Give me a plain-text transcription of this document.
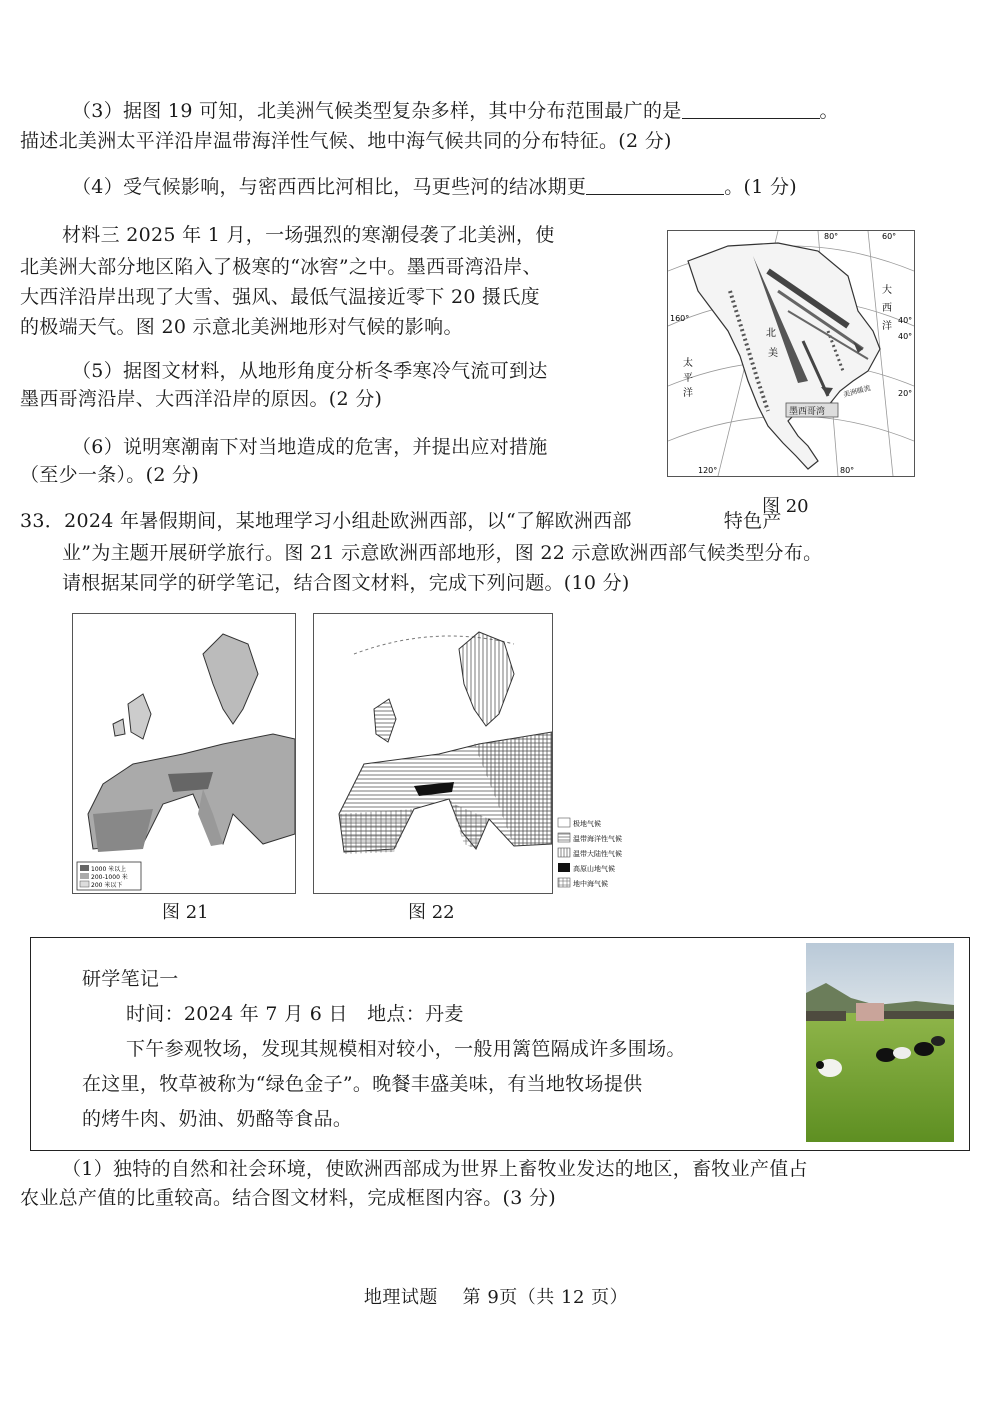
（3）据图 19 可知，北美洲气候类型复杂多样，其中分布范围最广的是	。
描述北美洲太平洋沿岸温带海洋性气候、地中海气候共同的分布特征。(2 分)
（4）受气候影响，与密西西比河相比，马更些河的结冰期更	。(1 分)
材料三 2025 年 1 月，一场强烈的寒潮侵袭了北美洲，使
北美洲大部分地区陷入了极寒的“冰窖”之中。墨西哥湾沿岸、
大西洋沿岸出现了大雪、强风、最低气温接近零下 20 摄氏度
的极端天气。图 20 示意北美洲地形对气候的影响。
（5）据图文材料，从地形角度分析冬季寒冷气流可到达
墨西哥湾沿岸、大西洋沿岸的原因。(2 分)
（6）说明寒潮南下对当地造成的危害，并提出应对措施
（至少一条）。(2 分)
墨西哥湾
美洲暖流
80°	60°
160°
120°	80°
40°
40°
20°
太
平
洋
大
西
洋
北
美
图 20
33．2024 年暑假期间，某地理学习小组赴欧洲西部，以“了解欧洲西部	特色产
业”为主题开展研学旅行。图 21 示意欧洲西部地形，图 22 示意欧洲西部气候类型分布。
请根据某同学的研学笔记，结合图文材料，完成下列问题。(10 分)
1000 米以上
200-1000 米
200 米以下
图 21	图 22
极地气候
温带海洋性气候
温带大陆性气候
高原山地气候
地中海气候
研学笔记一
时间：2024 年 7 月 6 日　地点：丹麦
下午参观牧场，发现其规模相对较小，一般用篱笆隔成许多围场。
在这里，牧草被称为“绿色金子”。晚餐丰盛美味，有当地牧场提供
的烤牛肉、奶油、奶酪等食品。
（1）独特的自然和社会环境，使欧洲西部成为世界上畜牧业发达的地区，畜牧业产值占
农业总产值的比重较高。结合图文材料，完成框图内容。(3 分)
地理试题　 第 9页（共 12 页）
